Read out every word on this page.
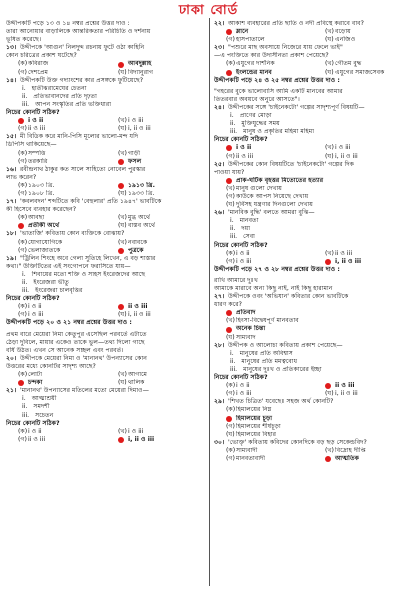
ঢাকা বোর্ড
উদ্দীপকটি পড়ে ১৩ ও ১৪ নম্বর প্রশ্নের উত্তর দাও :
তারা আনোয়ার বাড়ালিকে আন্তরিকতার পরিচিতি ও দর্শনায়
ভূষিত করেছে।
১৩। উদ্দীপকে 'আগুন' নিলদুদ্দ রচনায় ফুটে ওঠা কাহিনি
কোন চরিত্রের প্রকাশ ঘটেছে?
(ক) কবিরাজ	আবদুল্লাহ
(গ) দেশপ্রেম	(ঘ) বিদ্যানুরাগ
১৪। উদ্দীপকটি উক্ত গদ্যাংশের কার প্রসঙ্গকে ফুটিয়েছে?
i. হাতীঝরামেঘের চেতনা
ii. প্রতিভাবানদের প্রতি দৃঢ়তা
iii. আপন সংস্কৃতির প্রতি ভক্তিধারা
নিচের কোনটি সঠিক?
i ও ii	(খ) i ও iii
(গ) ii ও iii	(ঘ) i, ii ও iii
১৫। মী বিডিক করে মানি-পিসি মূল্যের ভালো-মন্দ যদি
ডিপিসি থাকিয়েছে—
(ক) সম্পত্তি	(খ) গাড়ী
(গ) তরকারি	ফসল
১৬। রবীন্দ্রনাথ ঠাকুর কত সালে সাহিত্যে নোবেল পুরস্কার
লাভ করেন?
(ক) ১৯০৩ খ্রি.	১৯১৩ খ্রি.
(গ) ১৯০৮ খ্রি.	(ঘ) ১৯৩৩ খ্রি.
১৭। 'কবলবদন' শব্দটিতে কবি 'বেহুলার' প্রতি ১৯৪৭' ভাবটিকে
কী হিসেবে ব্যবহার করেছেন?
(ক) আবছা	(খ) মুগ্ধ অর্থে
প্রতীকী অর্থে	(ঘ) বাস্তব অর্থে
১৮। 'ভাতাজি' কবিতায় কোন ব্যক্তিকে বোঝায়?
(ক) যোগাযোগিকে	(খ) নবাবকে
(গ) ভেলাজাতকে	পুত্রকে
১৯। "ট্রিলিন শিংহে অবে গেলা সুতিহে লিখেন, এ বড় শাস্তার
কথা।" উক্তিটিতের এই সংগোপনে ফরাসিতে যায়—
i. শিবায়ের মতো শক্তি ও সাহস ইংরেজদের আছে
ii. ইংরেজরা ভীতু
iii. ইংরেজরা চালবৃত্তির
নিচের কোনটি সঠিক?
(ক) i ও ii	ii ও iii
(গ) i ও iii	(ঘ) i, ii ও iii
উদ্দীপকটি পড়ে ২০ ও ২১ নম্বর প্রশ্নের উত্তর দাও :
প্রথম বারে মেয়েরা নিমা কেতুপুর এসেছিল পরবর্তে এটাতে
ঠেড়া দুবিলে, মায়ার একেও তাকে ভুল—তথ্য দিলো গাছে
বৰ্ষি উঠত। এখন সে আনেক সচ্ছল এবং পরবর্ত।
২০। উদ্দীপকে মেয়েরা নিমা ও 'মানানথ' উপন্যাসের কোন
উত্তরের মধ্যে কোনটির সাদৃশ্য আছে?
(ক) লোটা	(খ) আগামে
চন্দকা	(ঘ) থালিক
২১। 'মানানথ' উপন্যাসের মতিলের মতো মেয়েরা দিমাও—
i. আত্মাশ্রয়ী
ii. সমদৰ্শী
iii. সচেতন
নিচের কোনটি সঠিক?
(ক) i ও ii	(খ) i ও iii
(গ) ii ও iii	i, ii ও iii
২২। আকাশ ব্যবহারের প্রতি ছাতি ও নদী প্রবিস্থে করাবে বাব?
ম্লানে	(খ) বড়োয়
(গ) হাসপাতালে	(ঘ) এনজিও
২৩। "পশুরে মাছ অবসায়ে নিজেরে যায় ফেলে ভাই"
—এ পংক্তিতে কার উদাসীনতা প্রকাশ পেয়েছে?
(ক) এযুগের দার্শনিক	(খ) গৌতম বুদ্ধ
ইংলন্ডের মানব	(ঘ) এযুগের সমাজসেবক
উদ্দীপকটি পড়ে ২৪ ও ২৫ নম্বর প্রশ্নের উত্তর দাও :
"গহরের বুকে ভালোবাসি আমি একটি মানবের আমার
তিতরবার অবয়বে অনুরে আসতে"।
২৪। উদ্দীপকের সঙ্গে 'চাইনেকটো' গল্পের সাদৃশ্যপূর্ণ বিষয়টি—
i. প্রাণের মোড়া
ii. মুক্তিযুদ্ধের সময়
iii. মানুষ ও প্রকৃতির মহিমা মহিমা
নিচের কোনটি সঠিক?
i ও ii	(খ) i ও iii
(গ) ii ও iii	(ঘ) i, ii ও iii
২৫। উদ্দীপকের কোন বিষয়টিতে 'চাইনেকটো' গল্পের দিক
পাওয়া যায়?
প্রাক-ঘটিক বৃহত্তর মিতোতের হত্যার
(খ) মানুষ গুলো দেখায়
(গ) কাউকে আপস নিয়েছে দেখায়
(ঘ) দুর্বিসহ যন্ত্রণার দিনগুলো দেখায়
২৬। 'মানবিক বুদ্ধি' বলতে আমরা বুঝি—
i. মানবতা
ii. দয়া
iii. সেবা
নিচের কোনটি সঠিক?
(ক) i ও ii	(খ) ii ও iii
(গ) i ও iii	i, ii ও iii
উদ্দীপকটি পড়ে ২৭ ও ২৮ নম্বর প্রশ্নের উত্তর দাও :
রাখি আমারে দুঃখ
আমাকে মারাবে অন্য কিছু নাই, নাই কিছু হারামান
২৭। উদ্দীপকে ওবং 'অভিযান' কবিতার কোন ভাবটিকে
ধারণ করে?
প্রতিবাদ
(খ) হিংসা-বিদ্বেষপূর্ণ মানবতাব
অনেক চিন্তা
(ঘ) সাম্যবাদ
২৮। উদ্দীপক ও আলোচ্য কবিতায় প্রকাশ পেয়েছে—
i. মানুষের প্রতি অবিশ্বাস
ii. মানুষের প্রতি মমত্ববোধ
iii. মানুষের দুঃখ ও প্রতিকারের ইচ্ছা
নিচের কোনটি সঠিক?
(ক) i ও ii	ii ও iii
(গ) i ও iii	(ঘ) i, ii ও iii
২৯। 'শিখত চিত্রিত' যবেছেঃ সহজ অর্থ কোনটি?
(ক) হিমালয়ের নিম্ন
হিমালয়ের চূড়া
(গ) হিমালয়ের শীর্ষচূড়া
(ঘ) হিমালয়ের বিহার
৩০। 'ভোক্তৃ' কবিতায় কবিদের কোনদিকে বড় ছড় সেকেন্ডবিদ?
(ক) সাম্যবাদী	(খ) বিদ্রোহ দীপ্তি
(গ) মানবতাবাদী	আত্মতিক
